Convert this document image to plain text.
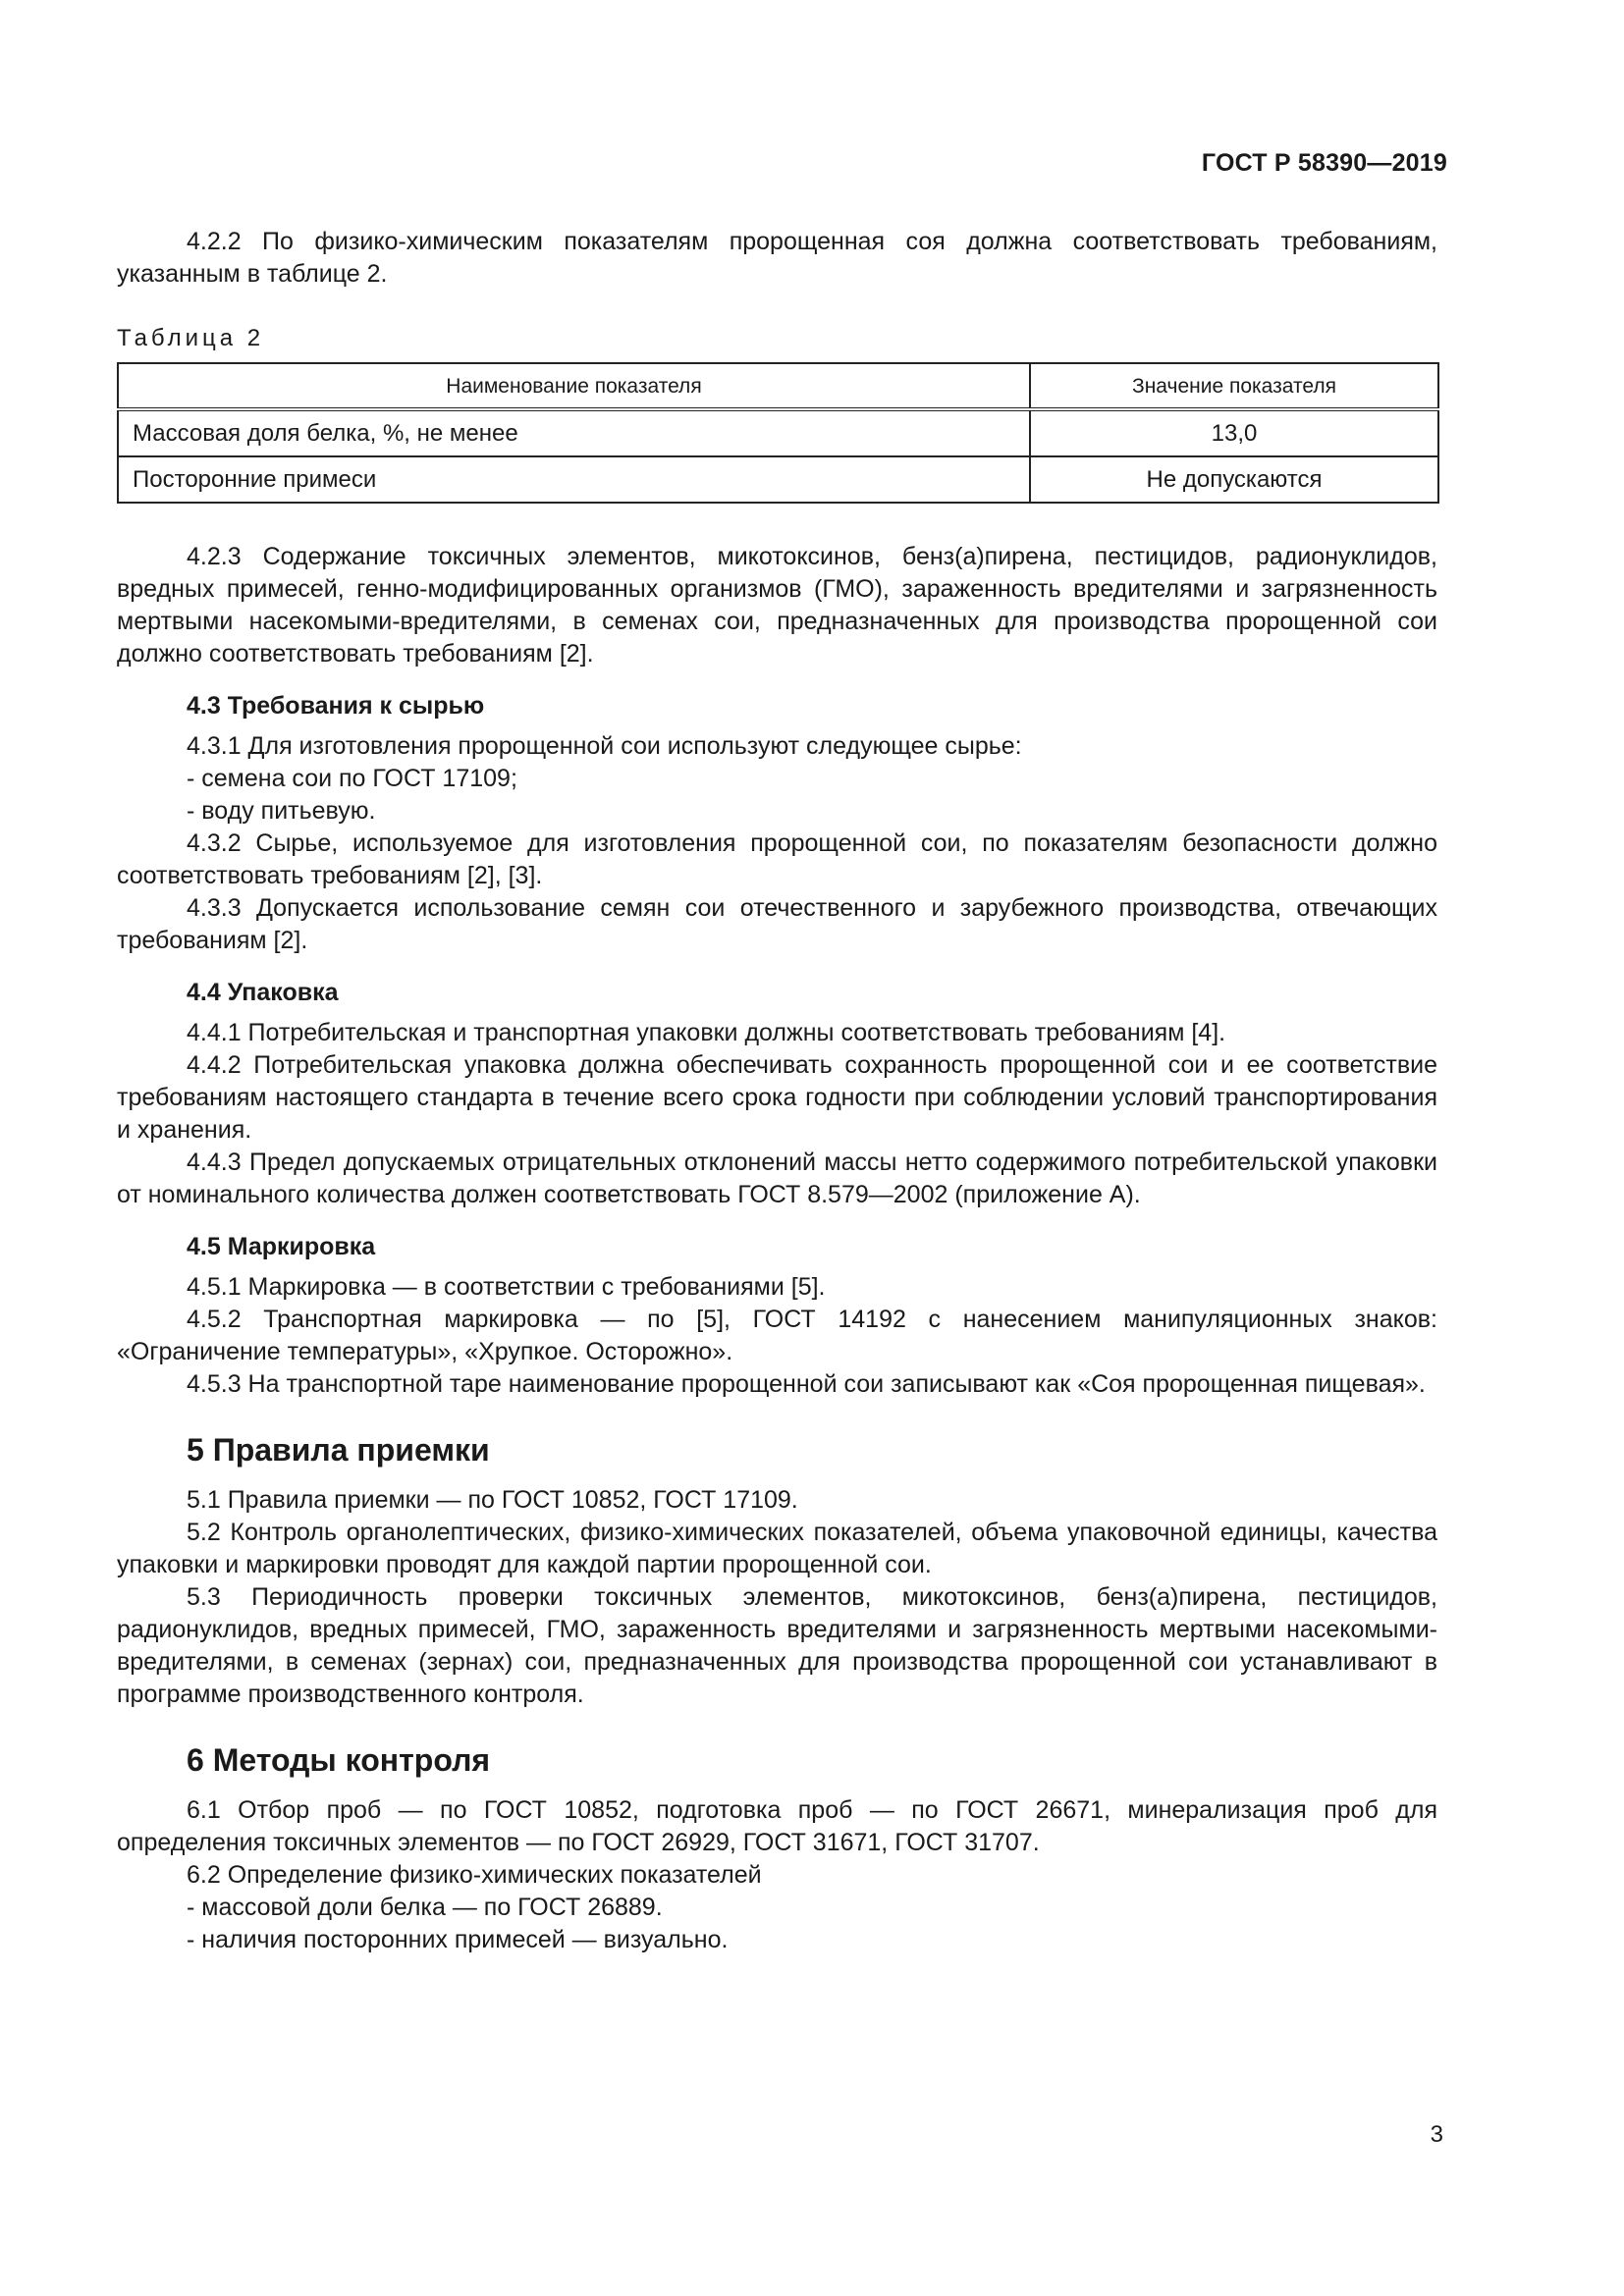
ГОСТ Р 58390—2019

4.2.2 По физико-химическим показателям пророщенная соя должна соответствовать требованиям, указанным в таблице 2.

Таблица 2
Наименование показателя	Значение показателя
Массовая доля белка, %, не менее	13,0
Посторонние примеси	Не допускаются

4.2.3 Содержание токсичных элементов, микотоксинов, бенз(а)пирена, пестицидов, радионуклидов, вредных примесей, генно-модифицированных организмов (ГМО), зараженность вредителями и загрязненность мертвыми насекомыми-вредителями, в семенах сои, предназначенных для производства пророщенной сои должно соответствовать требованиям [2].

4.3 Требования к сырью

4.3.1 Для изготовления пророщенной сои используют следующее сырье:

- семена сои по ГОСТ 17109;

- воду питьевую.

4.3.2 Сырье, используемое для изготовления пророщенной сои, по показателям безопасности должно соответствовать требованиям [2], [3].

4.3.3 Допускается использование семян сои отечественного и зарубежного производства, отвечающих требованиям [2].

4.4 Упаковка

4.4.1 Потребительская и транспортная упаковки должны соответствовать требованиям [4].

4.4.2 Потребительская упаковка должна обеспечивать сохранность пророщенной сои и ее соответствие требованиям настоящего стандарта в течение всего срока годности при соблюдении условий транспортирования и хранения.

4.4.3 Предел допускаемых отрицательных отклонений массы нетто содержимого потребительской упаковки от номинального количества должен соответствовать ГОСТ 8.579—2002 (приложение А).

4.5 Маркировка

4.5.1 Маркировка — в соответствии с требованиями [5].

4.5.2 Транспортная маркировка — по [5], ГОСТ 14192 с нанесением манипуляционных знаков: «Ограничение температуры», «Хрупкое. Осторожно».

4.5.3 На транспортной таре наименование пророщенной сои записывают как «Соя пророщенная пищевая».

5 Правила приемки

5.1 Правила приемки — по ГОСТ 10852, ГОСТ 17109.

5.2 Контроль органолептических, физико-химических показателей, объема упаковочной единицы, качества упаковки и маркировки проводят для каждой партии пророщенной сои.

5.3 Периодичность проверки токсичных элементов, микотоксинов, бенз(а)пирена, пестицидов, радионуклидов, вредных примесей, ГМО, зараженность вредителями и загрязненность мертвыми насекомыми-вредителями, в семенах (зернах) сои, предназначенных для производства пророщенной сои устанавливают в программе производственного контроля.

6 Методы контроля

6.1 Отбор проб — по ГОСТ 10852, подготовка проб — по ГОСТ 26671, минерализация проб для определения токсичных элементов — по ГОСТ 26929, ГОСТ 31671, ГОСТ 31707.

6.2 Определение физико-химических показателей

- массовой доли белка — по ГОСТ 26889.

- наличия посторонних примесей — визуально.

3
